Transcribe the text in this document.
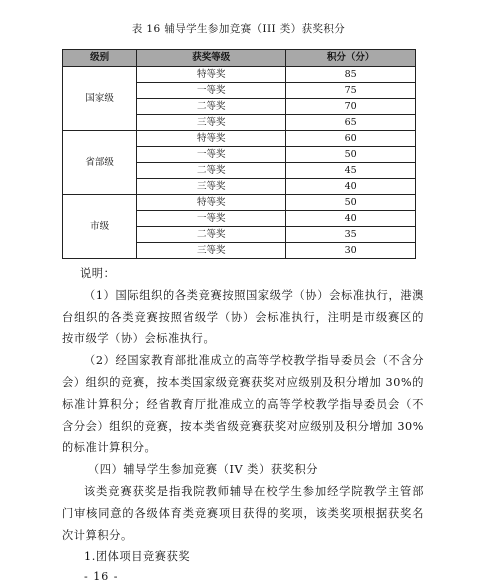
表 16 辅导学生参加竞赛（III 类）获奖积分
级别	获奖等级	积分（分）
国家级	特等奖	85
	一等奖	75
	二等奖	70
	三等奖	65
省部级	特等奖	60
	一等奖	50
	二等奖	45
	三等奖	40
市级	特等奖	50
	一等奖	40
	二等奖	35
	三等奖	30

说明：

（1）国际组织的各类竞赛按照国家级学（协）会标准执行，港澳台组织的各类竞赛按照省级学（协）会标准执行，注明是市级赛区的按市级学（协）会标准执行。

（2）经国家教育部批准成立的高等学校教学指导委员会（不含分会）组织的竞赛，按本类国家级竞赛获奖对应级别及积分增加 30%的标准计算积分；经省教育厅批准成立的高等学校教学指导委员会（不含分会）组织的竞赛，按本类省级竞赛获奖对应级别及积分增加 30%的标准计算积分。

（四）辅导学生参加竞赛（IV 类）获奖积分

该类竞赛获奖是指我院教师辅导在校学生参加经学院教学主管部门审核同意的各级体育类竞赛项目获得的奖项，该类奖项根据获奖名次计算积分。

1.团体项目竞赛获奖

- 16 -
